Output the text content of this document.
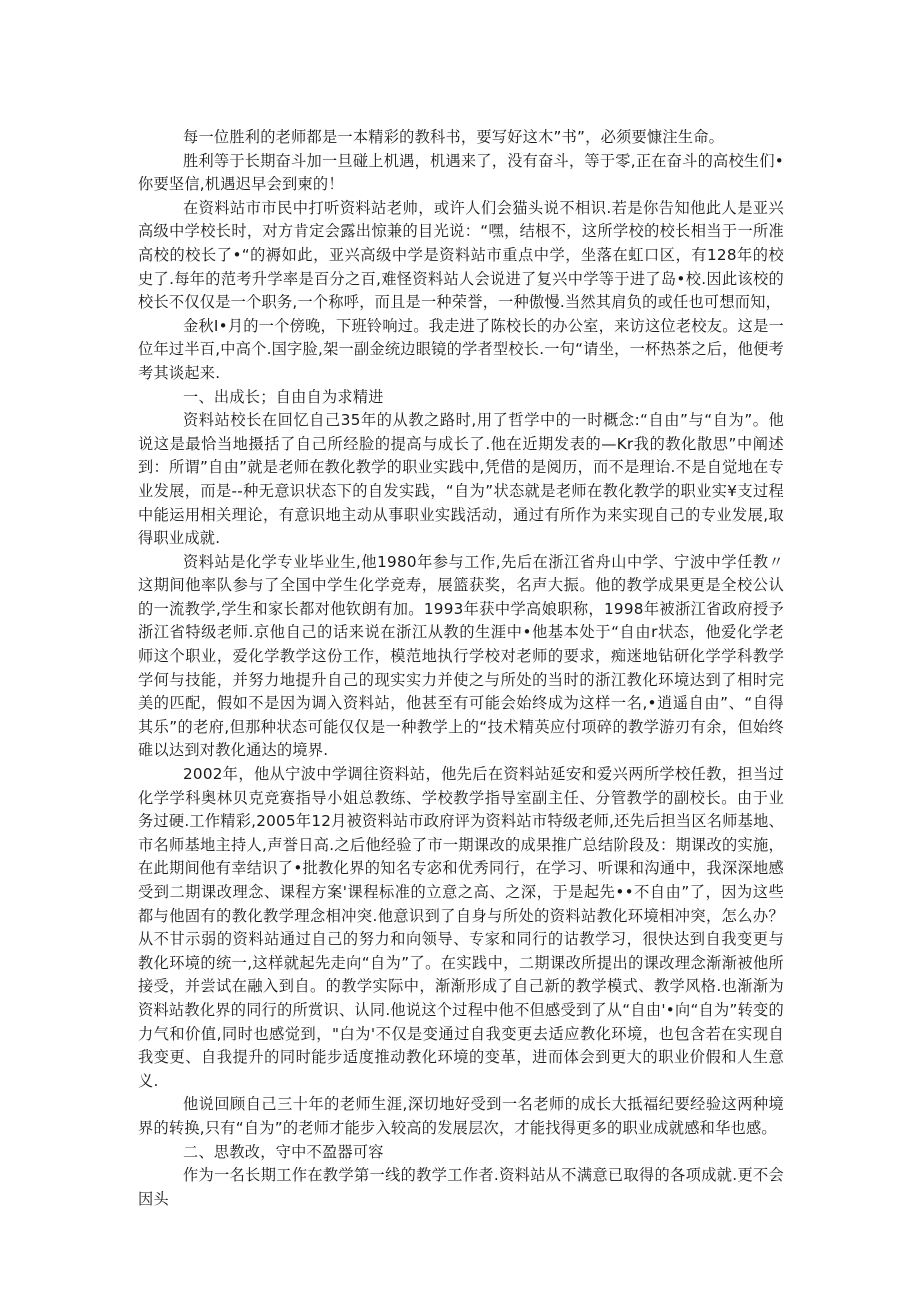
每一位胜利的老师都是一本精彩的教科书，要写好这木”书”，必须要慷注生命。

胜利等于长期奋斗加一旦碰上机遇，机遇来了，没有奋斗，等于零,正在奋斗的高校生们•你要坚信,机遇迟早会到柬的！

在资料站市市民中打听资料站老帅，或许人们会猫头说不相识.若是你告知他此人是亚兴高级中学校长时，对方肯定会露出惊兼的目光说：“嘿，结根不，这所学校的校长相当于一所准高校的校长了•“的褥如此，亚兴高级中学是资料站市重点中学，坐落在虹口区，有128年的校史了.每年的范考升学率是百分之百,难怪资料站人会说进了复兴中学等于进了岛•校.因此该校的校长不仅仅是一个职务,一个称呼，而且是一种荣誉，一种傲慢.当然其肩负的或任也可想而知，

金秋I•月的一个傍晚，下班铃响过。我走进了陈校长的办公室，来访这位老校友。这是一位年过半百,中高个.国字脸,架一副金统边眼镜的学者型校长.一句“请坐，一杯热茶之后，他便考考其谈起来.

一、出成长；自由自为求精进

资料站校长在回忆自己35年的从教之路时,用了哲学中的一时概念:“自由”与“自为”。他说这是最恰当地摄括了自己所经脸的提高与成长了.他在近期发表的—Kr我的教化散思”中阐述到：所谓”自由”就是老师在教化教学的职业实践中,凭借的是阅历，而不是理诒.不是自觉地在专业发展，而是--种无意识状态下的自发实践，“自为”状态就是老师在教化教学的职业实¥支过程中能运用相关理论，有意识地主动从事职业实践活动，通过有所作为来实现自己的专业发展,取得职业成就.

资料站是化学专业毕业生,他1980年参与工作,先后在浙江省舟山中学、宁波中学任教〃这期间他率队参与了全国中学生化学竞寿，展篮获奖，名声大振。他的教学成果更是全校公认的一流教学,学生和家长都对他钦朗有加。1993年获中学高娘职称，1998年被浙江省政府授予浙江省特级老师.京他自己的话来说在浙江从教的生涯中•他基本处于“自由r状态，他爱化学老师这个职业，爱化学教学这份工作，模范地执行学校对老师的要求，痴迷地钻研化学学科教学学何与技能，并努力地提升自己的现实实力并使之与所处的当时的浙江教化环境达到了相时完美的匹配，假如不是因为调入资料站，他甚至有可能会始终成为这样一名,•逍遥自由”、“自得其乐”的老府,但那种状态可能仅仅是一种教学上的“技术精英应付项碎的教学游刃有余，但始终碓以达到对教化通达的境界.

2002年，他从宁波中学调往资料站，他先后在资料站延安和爱兴两所学校任教，担当过化学学科奥林贝克竞赛指导小姐总教练、学校教学指导室副主任、分管教学的副校长。由于业务过硬.工作精彩,2005年12月被资料站市政府评为资料站市特级老师,还先后担当区名师基地、市名师基地主持人,声誉日高.之后他经验了市一期课改的成果推广总结阶段及：期课改的实施，在此期间他有幸结识了•批教化界的知名专宓和优秀同行，在学习、听课和沟通中，我深深地感受到二期课改理念、课程方案'课程标准的立意之高、之深，于是起先••不自由”了，因为这些都与他固有的教化教学理念相冲突.他意识到了自身与所处的资料站教化环境相冲突，怎么办？从不甘示弱的资料站通过自己的努力和向领导、专家和同行的诂教学习，很快达到自我变更与教化环境的统一,这样就起先走向“自为”了。在实践中，二期课改所提出的课改理念渐渐被他所接受，并尝试在融入到自。的教学实际中，渐渐形成了自己新的教学模式、教学风格.也渐渐为资料站教化界的同行的所赏识、认同.他说这个过程中他不但感受到了从“自由'•向“自为”转变的力气和价值,同时也感觉到，"白为'不仅是变通过自我变更去适应教化环境，也包含若在实现自我变更、自我提升的同时能步适度推动教化环境的变革，进而体会到更大的职业价假和人生意义.

他说回顾自己三十年的老师生涯,深切地好受到一名老师的成长大抵福纪要经验这两种境界的转换,只有“自为”的老师才能步入较高的发展层次，才能找得更多的职业成就感和华也感。

二、思教改，守中不盈器可容

作为一名长期工作在教学第一线的教学工作者.资料站从不满意已取得的各项成就.更不会因头
